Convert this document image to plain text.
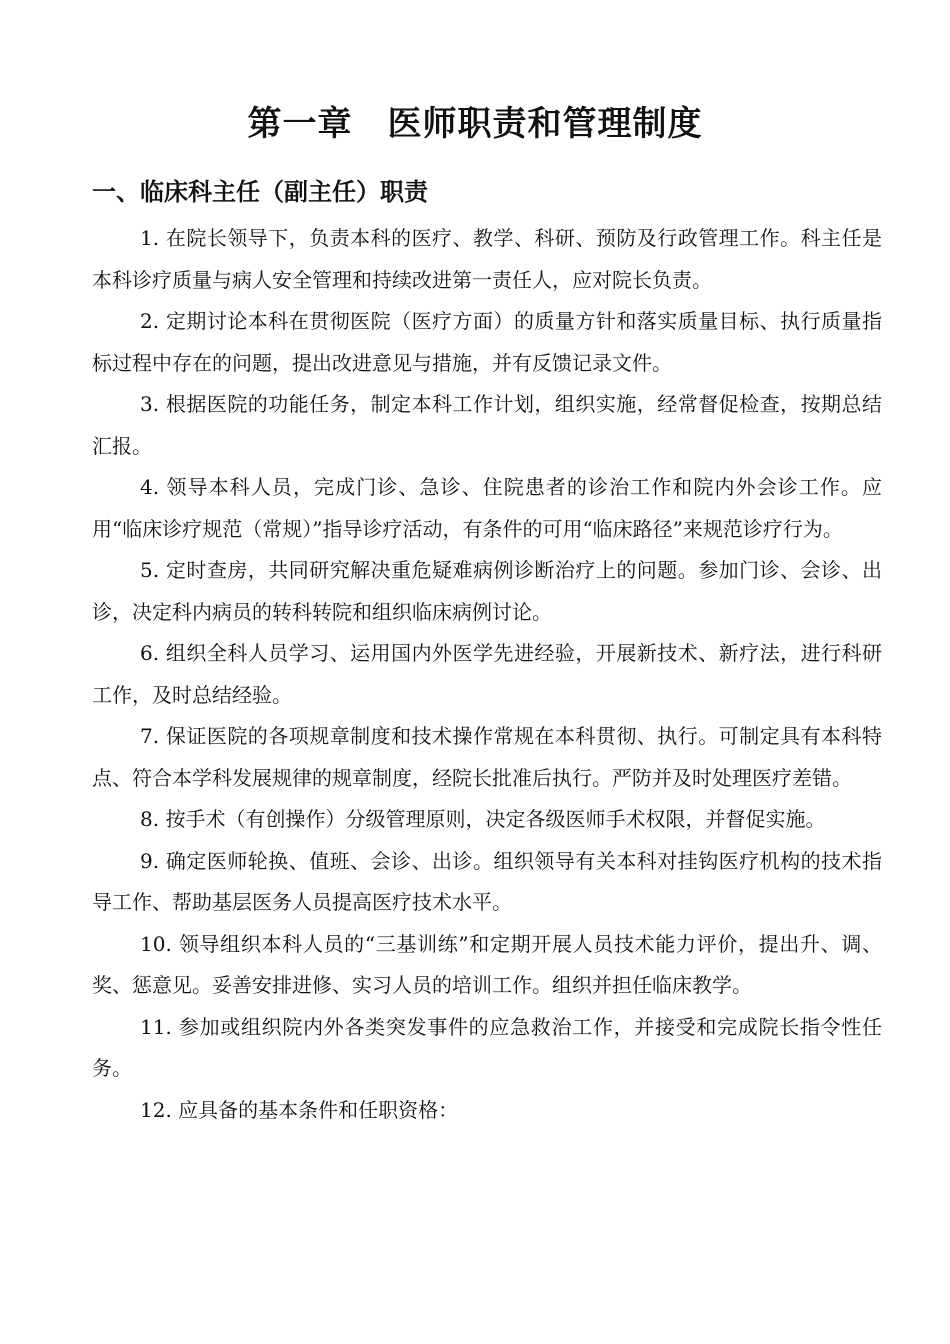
第一章　医师职责和管理制度
一、临床科主任（副主任）职责

1. 在院长领导下，负责本科的医疗、教学、科研、预防及行政管理工作。科主任是本科诊疗质量与病人安全管理和持续改进第一责任人，应对院长负责。

2. 定期讨论本科在贯彻医院（医疗方面）的质量方针和落实质量目标、执行质量指标过程中存在的问题，提出改进意见与措施，并有反馈记录文件。

3. 根据医院的功能任务，制定本科工作计划，组织实施，经常督促检查，按期总结汇报。

4. 领导本科人员，完成门诊、急诊、住院患者的诊治工作和院内外会诊工作。应用“临床诊疗规范（常规）”指导诊疗活动，有条件的可用“临床路径”来规范诊疗行为。

5. 定时查房，共同研究解决重危疑难病例诊断治疗上的问题。参加门诊、会诊、出诊，决定科内病员的转科转院和组织临床病例讨论。

6. 组织全科人员学习、运用国内外医学先进经验，开展新技术、新疗法，进行科研工作，及时总结经验。

7. 保证医院的各项规章制度和技术操作常规在本科贯彻、执行。可制定具有本科特点、符合本学科发展规律的规章制度，经院长批准后执行。严防并及时处理医疗差错。

8. 按手术（有创操作）分级管理原则，决定各级医师手术权限，并督促实施。

9. 确定医师轮换、值班、会诊、出诊。组织领导有关本科对挂钩医疗机构的技术指导工作、帮助基层医务人员提高医疗技术水平。

10. 领导组织本科人员的“三基训练”和定期开展人员技术能力评价，提出升、调、奖、惩意见。妥善安排进修、实习人员的培训工作。组织并担任临床教学。

11. 参加或组织院内外各类突发事件的应急救治工作，并接受和完成院长指令性任务。

12. 应具备的基本条件和任职资格：
